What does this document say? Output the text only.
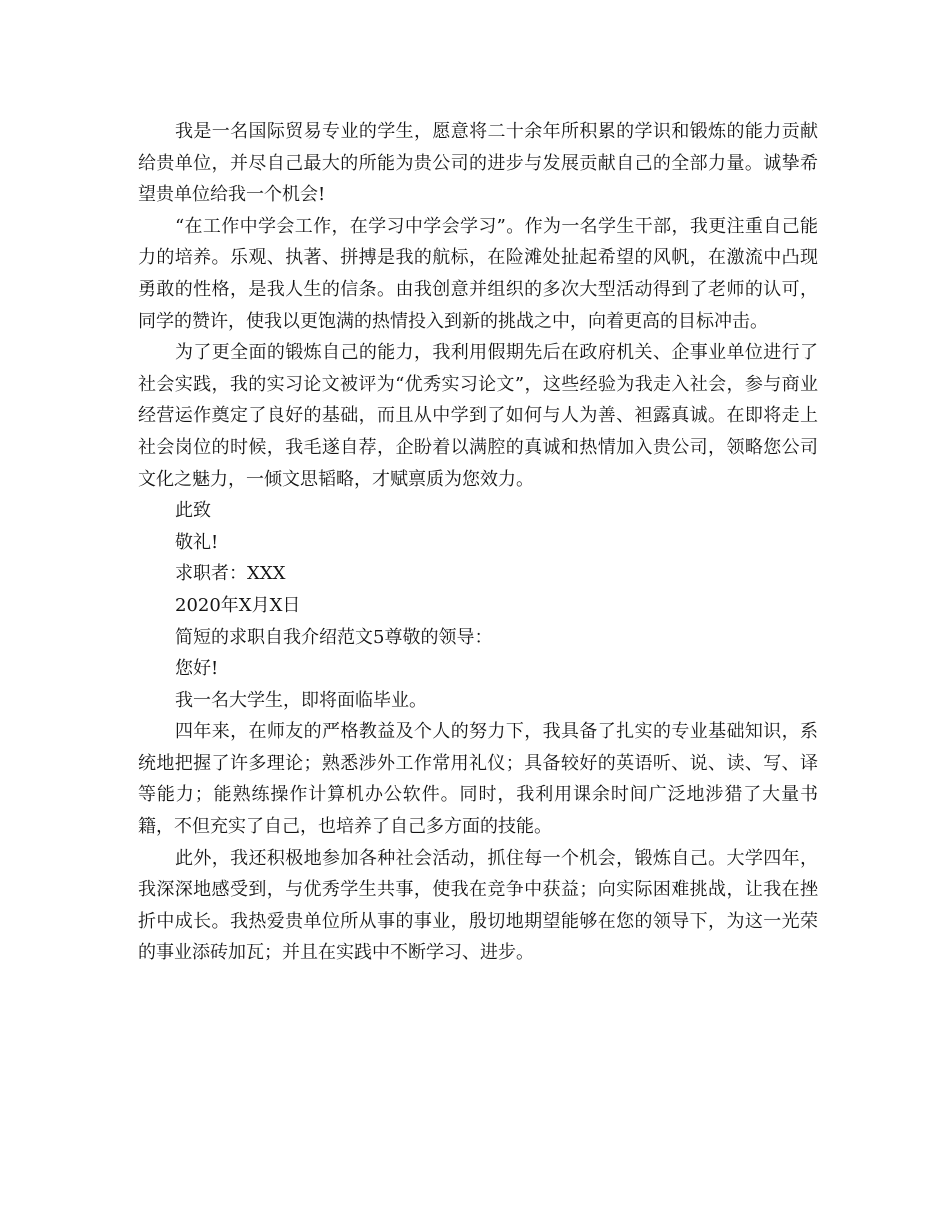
我是一名国际贸易专业的学生，愿意将二十余年所积累的学识和锻炼的能力贡献给贵单位，并尽自己最大的所能为贵公司的进步与发展贡献自己的全部力量。诚挚希望贵单位给我一个机会!

“在工作中学会工作，在学习中学会学习”。作为一名学生干部，我更注重自己能力的培养。乐观、执著、拼搏是我的航标，在险滩处扯起希望的风帆，在激流中凸现勇敢的性格，是我人生的信条。由我创意并组织的多次大型活动得到了老师的认可，同学的赞许，使我以更饱满的热情投入到新的挑战之中，向着更高的目标冲击。

为了更全面的锻炼自己的能力，我利用假期先后在政府机关、企事业单位进行了社会实践，我的实习论文被评为“优秀实习论文”，这些经验为我走入社会，参与商业经营运作奠定了良好的基础，而且从中学到了如何与人为善、袒露真诚。在即将走上社会岗位的时候，我毛遂自荐，企盼着以满腔的真诚和热情加入贵公司，领略您公司文化之魅力，一倾文思韬略，才赋禀质为您效力。

此致

敬礼!

求职者：XXX

2020年X月X日

简短的求职自我介绍范文5尊敬的领导：

您好!

我一名大学生，即将面临毕业。

四年来，在师友的严格教益及个人的努力下，我具备了扎实的专业基础知识，系统地把握了许多理论；熟悉涉外工作常用礼仪；具备较好的英语听、说、读、写、译等能力；能熟练操作计算机办公软件。同时，我利用课余时间广泛地涉猎了大量书籍，不但充实了自己，也培养了自己多方面的技能。

此外，我还积极地参加各种社会活动，抓住每一个机会，锻炼自己。大学四年，我深深地感受到，与优秀学生共事，使我在竞争中获益；向实际困难挑战，让我在挫折中成长。我热爱贵单位所从事的事业，殷切地期望能够在您的领导下，为这一光荣的事业添砖加瓦；并且在实践中不断学习、进步。
